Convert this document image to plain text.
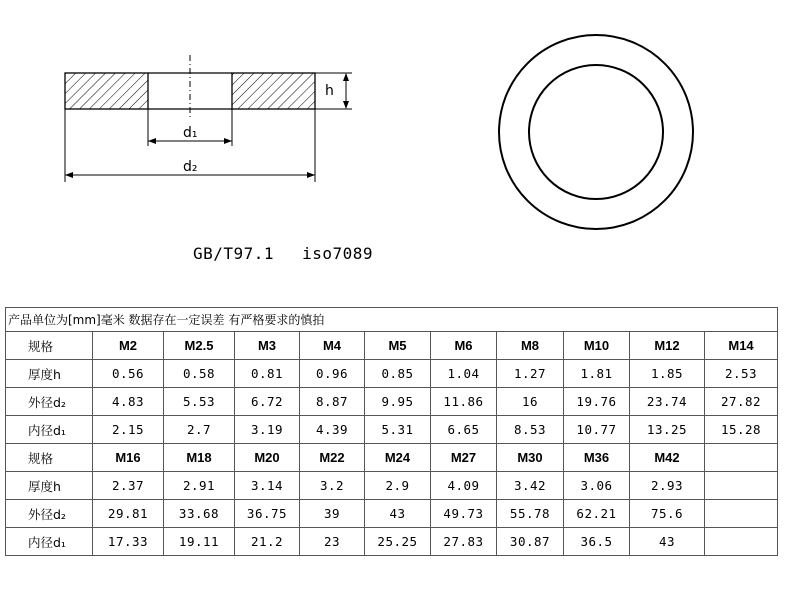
h
d₁
d₂
GB/T97.1 iso7089
产品单位为[mm]毫米 数据存在一定误差 有严格要求的慎拍										
规格	M2	M2.5	M3	M4	M5	M6	M8	M10	M12	M14
厚度h	0.56	0.58	0.81	0.96	0.85	1.04	1.27	1.81	1.85	2.53
外径d₂	4.83	5.53	6.72	8.87	9.95	11.86	16	19.76	23.74	27.82
内径d₁	2.15	2.7	3.19	4.39	5.31	6.65	8.53	10.77	13.25	15.28
规格	M16	M18	M20	M22	M24	M27	M30	M36	M42	
厚度h	2.37	2.91	3.14	3.2	2.9	4.09	3.42	3.06	2.93	
外径d₂	29.81	33.68	36.75	39	43	49.73	55.78	62.21	75.6	
内径d₁	17.33	19.11	21.2	23	25.25	27.83	30.87	36.5	43	
